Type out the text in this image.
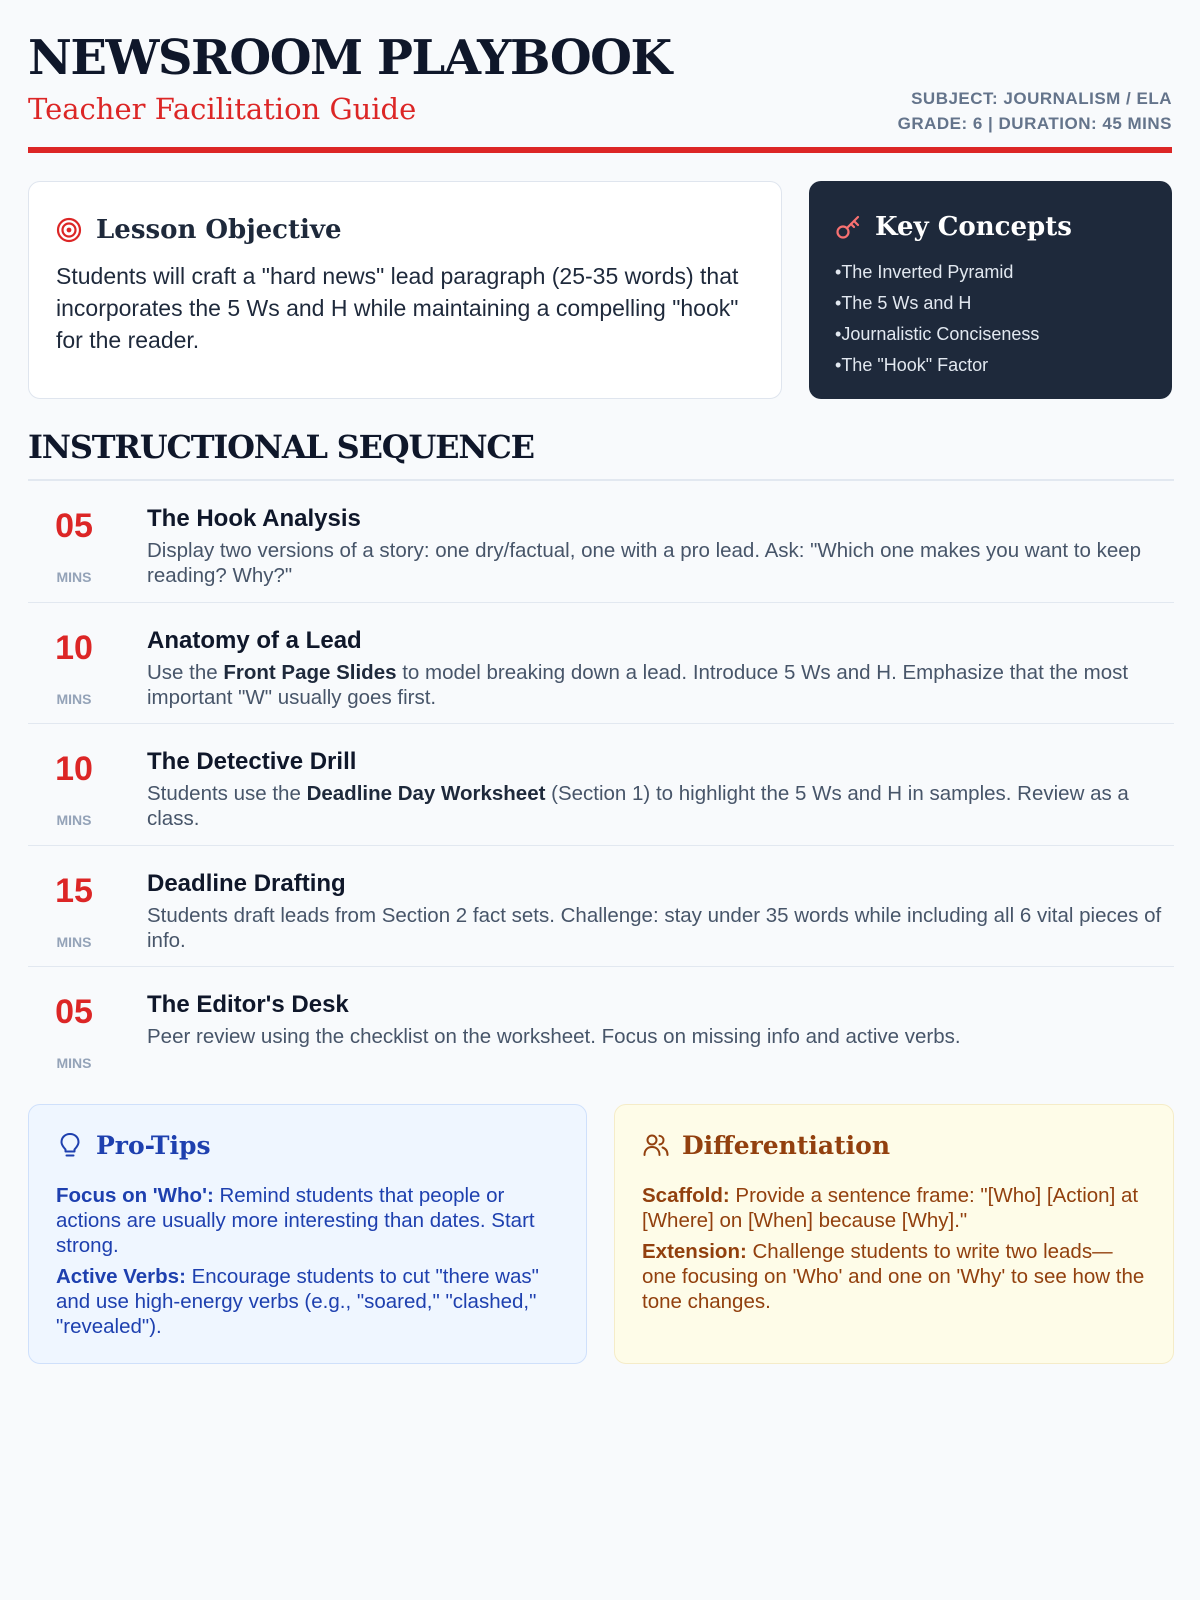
NEWSROOM PLAYBOOK
Teacher Facilitation Guide	SUBJECT: JOURNALISM / ELA
GRADE: 6 | DURATION: 45 MINS
Lesson Objective
Students will craft a "hard news" lead paragraph (25-35 words) that incorporates the 5 Ws and H while maintaining a compelling "hook" for the reader.
Key Concepts
• The Inverted Pyramid
• The 5 Ws and H
• Journalistic Conciseness
• The "Hook" Factor
INSTRUCTIONAL SEQUENCE
05
MINS
The Hook Analysis
Display two versions of a story: one dry/factual, one with a pro lead. Ask: "Which one makes you want to keep reading? Why?"
10
MINS
Anatomy of a Lead
Use the Front Page Slides to model breaking down a lead. Introduce 5 Ws and H. Emphasize that the most important "W" usually goes first.
10
MINS
The Detective Drill
Students use the Deadline Day Worksheet (Section 1) to highlight the 5 Ws and H in samples. Review as a class.
15
MINS
Deadline Drafting
Students draft leads from Section 2 fact sets. Challenge: stay under 35 words while including all 6 vital pieces of info.
05
MINS
The Editor's Desk
Peer review using the checklist on the worksheet. Focus on missing info and active verbs.
Pro-Tips

Focus on 'Who': Remind students that people or actions are usually more interesting than dates. Start strong.

Active Verbs: Encourage students to cut "there was" and use high-energy verbs (e.g., "soared," "clashed," "revealed").

Differentiation

Scaffold: Provide a sentence frame: "[Who] [Action] at [Where] on [When] because [Why]."

Extension: Challenge students to write two leads—one focusing on 'Who' and one on 'Why' to see how the tone changes.
